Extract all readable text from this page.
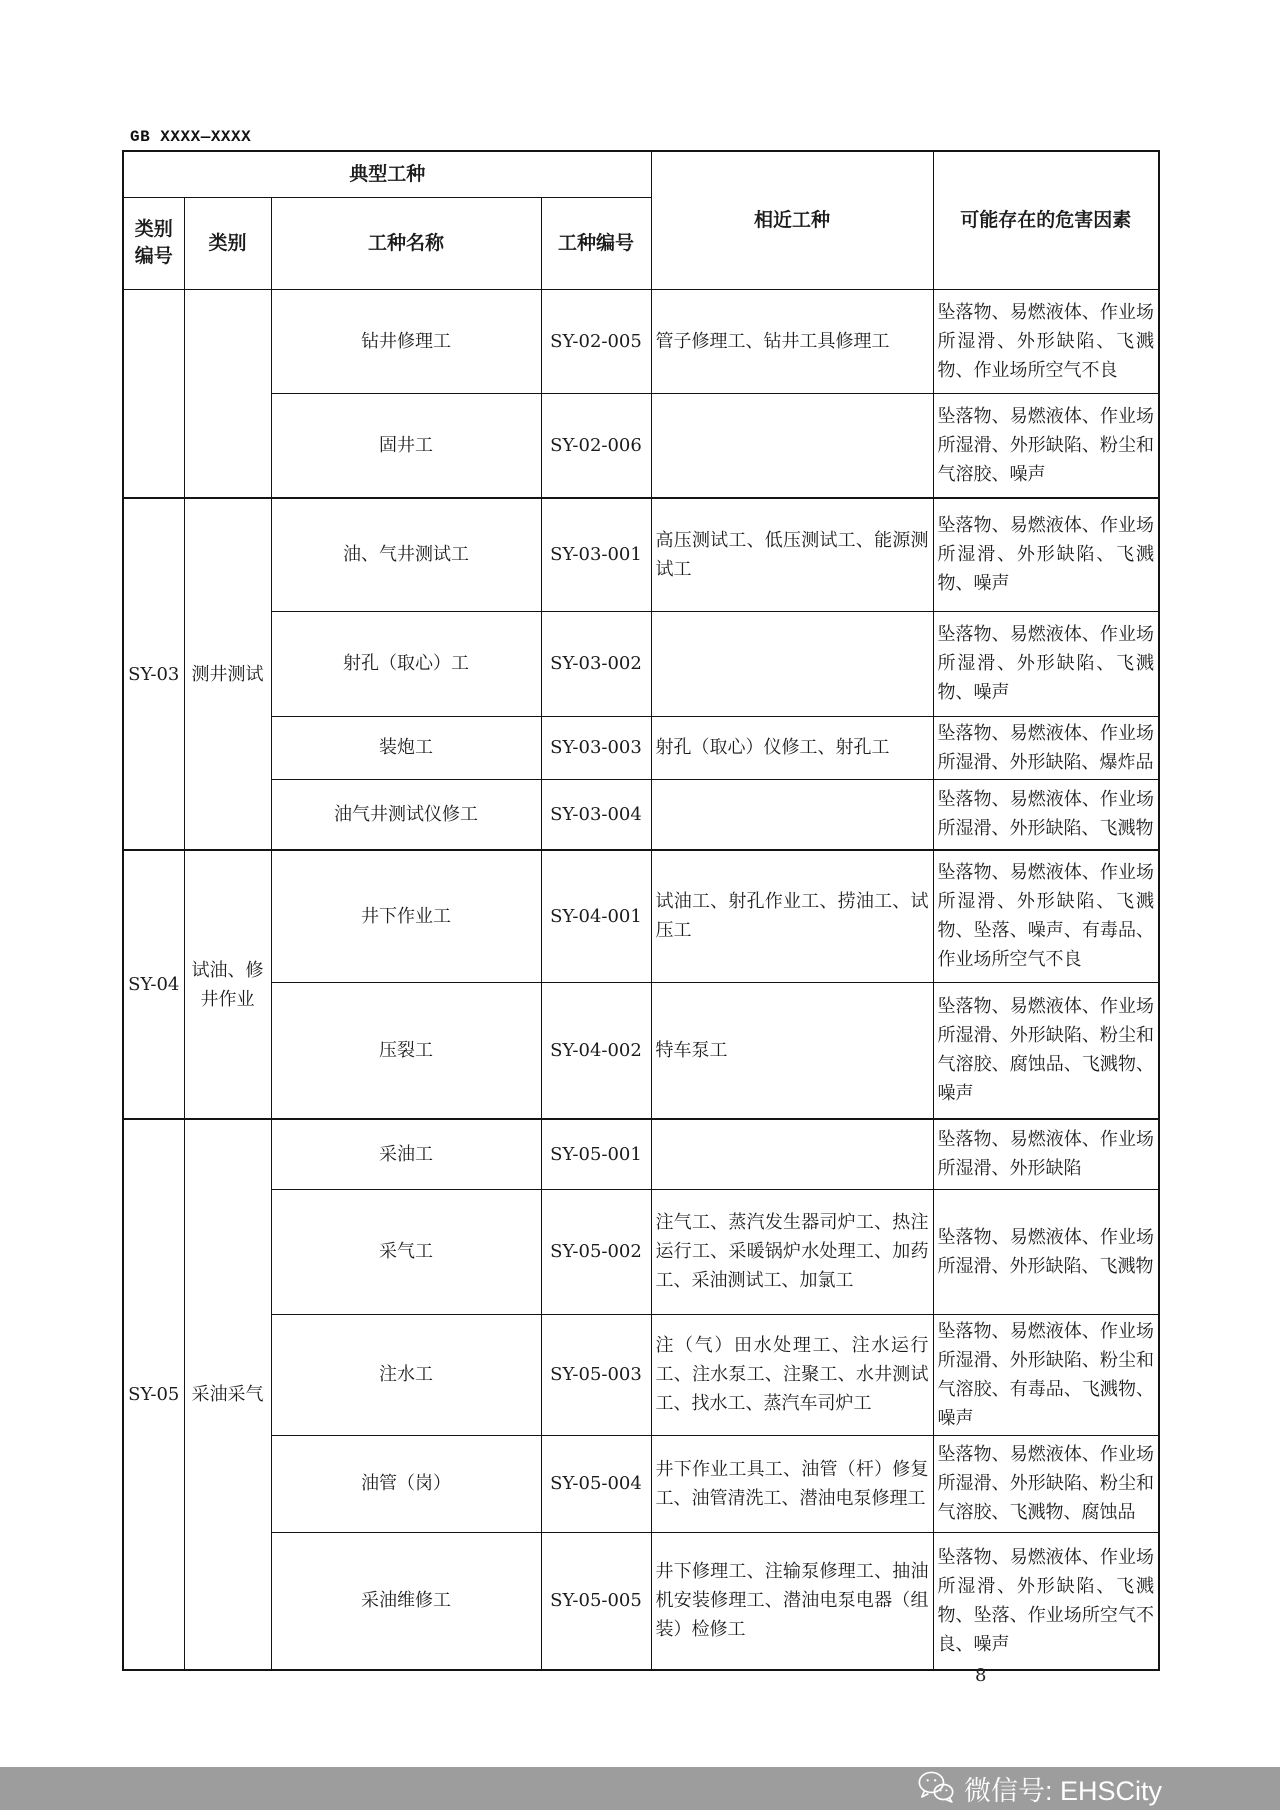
GB XXXX—XXXX
典型工种				相近工种	可能存在的危害因素
类别编号	类别	工种名称	工种编号		
		钻井修理工	SY-02-005	管子修理工、钻井工具修理工	坠落物、易燃液体、作业场所湿滑、外形缺陷、飞溅物、作业场所空气不良
		固井工	SY-02-006		坠落物、易燃液体、作业场所湿滑、外形缺陷、粉尘和气溶胶、噪声
SY-03	测井测试	油、气井测试工	SY-03-001	高压测试工、低压测试工、能源测试工	坠落物、易燃液体、作业场所湿滑、外形缺陷、飞溅物、噪声
		射孔（取心）工	SY-03-002		坠落物、易燃液体、作业场所湿滑、外形缺陷、飞溅物、噪声
		装炮工	SY-03-003	射孔（取心）仪修工、射孔工	坠落物、易燃液体、作业场所湿滑、外形缺陷、爆炸品
		油气井测试仪修工	SY-03-004		坠落物、易燃液体、作业场所湿滑、外形缺陷、飞溅物
SY-04	试油、修井作业	井下作业工	SY-04-001	试油工、射孔作业工、捞油工、试压工	坠落物、易燃液体、作业场所湿滑、外形缺陷、飞溅物、坠落、噪声、有毒品、作业场所空气不良
		压裂工	SY-04-002	特车泵工	坠落物、易燃液体、作业场所湿滑、外形缺陷、粉尘和气溶胶、腐蚀品、飞溅物、噪声
SY-05	采油采气	采油工	SY-05-001		坠落物、易燃液体、作业场所湿滑、外形缺陷
		采气工	SY-05-002	注气工、蒸汽发生器司炉工、热注运行工、采暖锅炉水处理工、加药工、采油测试工、加氯工	坠落物、易燃液体、作业场所湿滑、外形缺陷、飞溅物
		注水工	SY-05-003	注（气）田水处理工、注水运行工、注水泵工、注聚工、水井测试工、找水工、蒸汽车司炉工	坠落物、易燃液体、作业场所湿滑、外形缺陷、粉尘和气溶胶、有毒品、飞溅物、噪声
		油管（岗）	SY-05-004	井下作业工具工、油管（杆）修复工、油管清洗工、潜油电泵修理工	坠落物、易燃液体、作业场所湿滑、外形缺陷、粉尘和气溶胶、飞溅物、腐蚀品
		采油维修工	SY-05-005	井下修理工、注输泵修理工、抽油机安装修理工、潜油电泵电器（组装）检修工	坠落物、易燃液体、作业场所湿滑、外形缺陷、飞溅物、坠落、作业场所空气不良、噪声
8
微信号: EHSCity
